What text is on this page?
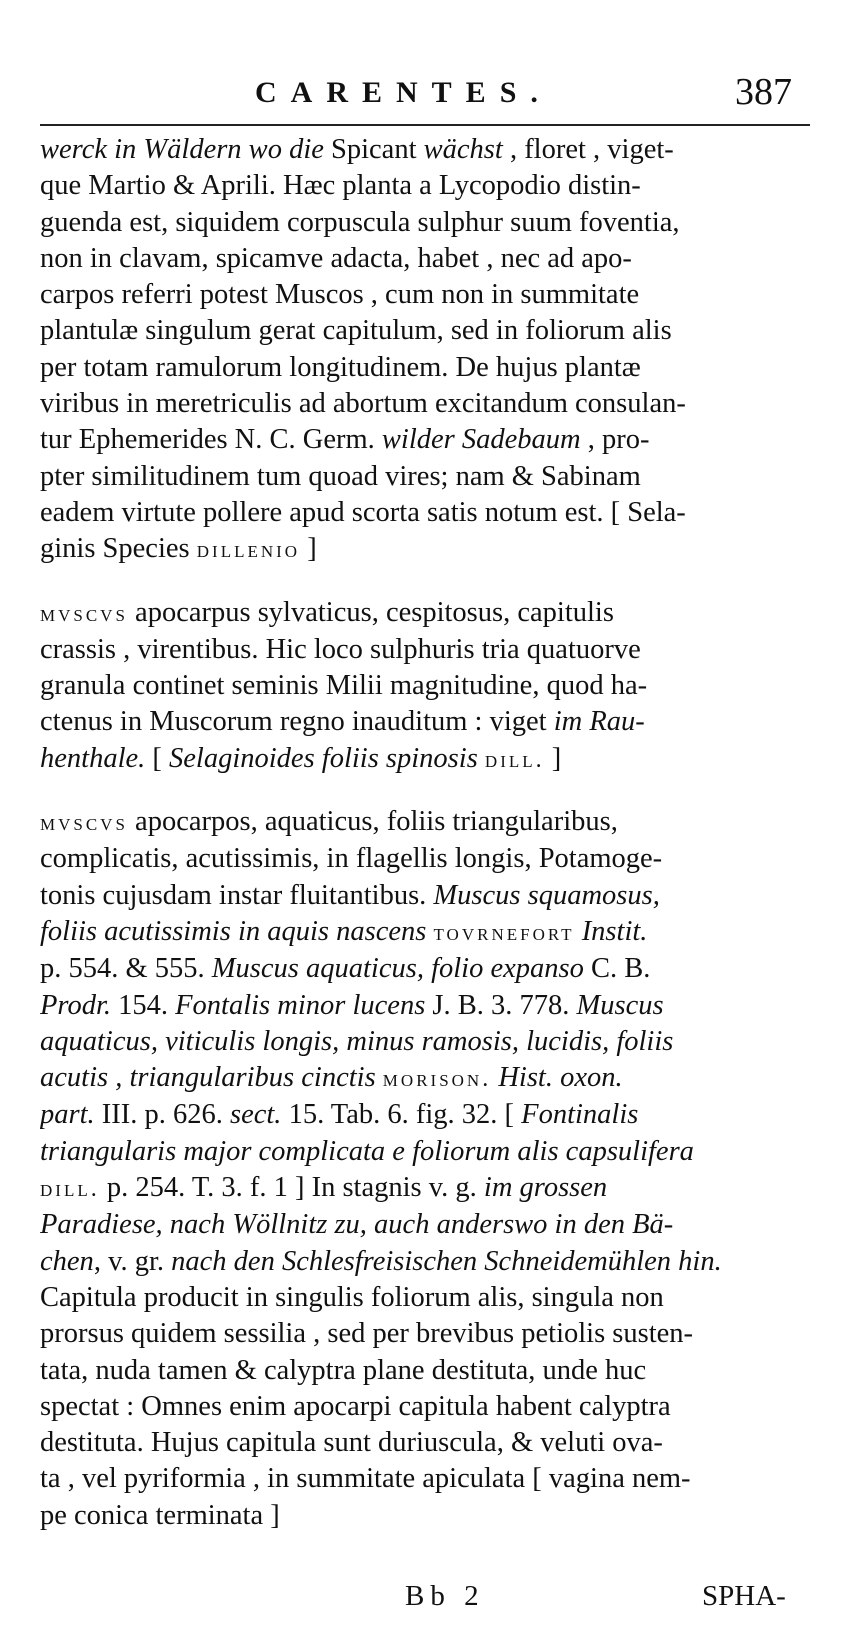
CARENTES.	387
werck in Wäldern wo die Spicant wächst , floret , viget-
que Martio & Aprili. Hæc planta a Lycopodio distin-
guenda est, siquidem corpuscula sulphur suum foventia,
non in clavam, spicamve adacta, habet , nec ad apo-
carpos referri potest Muscos , cum non in summitate
plantulæ singulum gerat capitulum, sed in foliorum alis
per totam ramulorum longitudinem. De hujus plantæ
viribus in meretriculis ad abortum excitandum consulan-
tur Ephemerides N. C. Germ. wilder Sadebaum , pro-
pter similitudinem tum quoad vires; nam & Sabinam
eadem virtute pollere apud scorta satis notum est. [ Sela-
ginis Species dillenio ]
mvscvs apocarpus sylvaticus, cespitosus, capitulis
crassis , virentibus. Hic loco sulphuris tria quatuorve
granula continet seminis Milii magnitudine, quod ha-
ctenus in Muscorum regno inauditum : viget im Rau-
henthale. [ Selaginoides foliis spinosis dill. ]
mvscvs apocarpos, aquaticus, foliis triangularibus,
complicatis, acutissimis, in flagellis longis, Potamoge-
tonis cujusdam instar fluitantibus. Muscus squamosus,
foliis acutissimis in aquis nascens tovrnefort Instit.
p. 554. & 555. Muscus aquaticus, folio expanso C. B.
Prodr. 154. Fontalis minor lucens J. B. 3. 778. Muscus
aquaticus, viticulis longis, minus ramosis, lucidis, foliis
acutis , triangularibus cinctis morison. Hist. oxon.
part. III. p. 626. sect. 15. Tab. 6. fig. 32. [ Fontinalis
triangularis major complicata e foliorum alis capsulifera
dill. p. 254. T. 3. f. 1 ] In stagnis v. g. im grossen
Paradiese, nach Wöllnitz zu, auch anderswo in den Bä-
chen, v. gr. nach den Schlesfreisischen Schneidemühlen hin.
Capitula producit in singulis foliorum alis, singula non
prorsus quidem sessilia , sed per brevibus petiolis susten-
tata, nuda tamen & calyptra plane destituta, unde huc
spectat : Omnes enim apocarpi capitula habent calyptra
destituta. Hujus capitula sunt duriuscula, & veluti ova-
ta , vel pyriformia , in summitate apiculata [ vagina nem-
pe conica terminata ]
Bb 2	SPHA-
